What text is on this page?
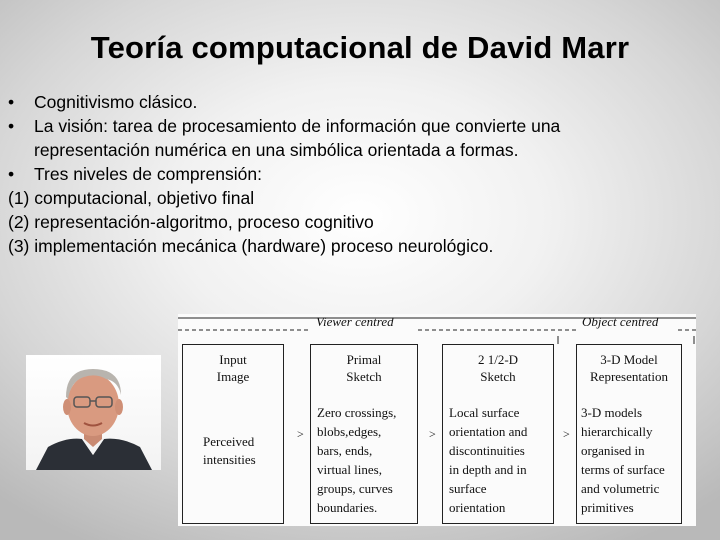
Teoría computacional de David Marr
• Cognitivismo clásico.
• La visión: tarea de procesamiento de información que convierte una
representación numérica en una simbólica orientada a formas.
• Tres niveles de comprensión:
(1) computacional, objetivo final
(2) representación-algoritmo, proceso cognitivo
(3) implementación mecánica (hardware) proceso neurológico.
Viewer centred	Object centred
Input
Image
Perceived
intensities
>
Primal
Sketch
Zero crossings,
blobs,edges,
bars, ends,
virtual lines,
groups, curves
boundaries.
>
2 1/2-D
Sketch
Local surface
orientation and
discontinuities
in depth and in
surface
orientation
>
3-D Model
Representation
3-D models
hierarchically
organised in
terms of surface
and volumetric
primitives
